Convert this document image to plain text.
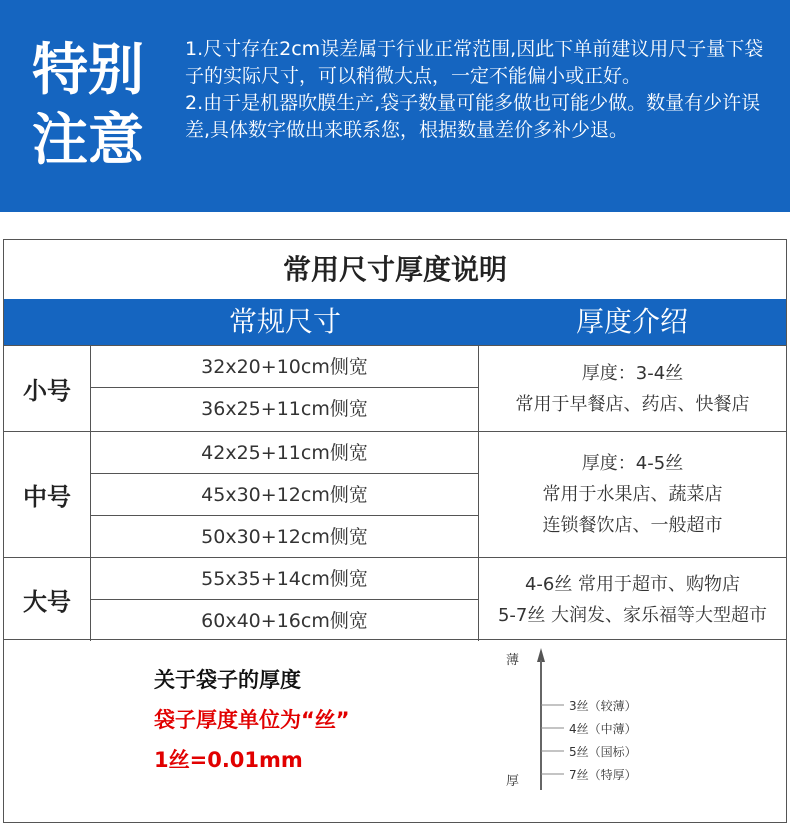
特别
注意

1.尺寸存在2cm误差属于行业正常范围,因此下单前建议用尺子量下袋子的实际尺寸，可以稍微大点，一定不能偏小或正好。

2.由于是机器吹膜生产,袋子数量可能多做也可能少做。数量有少许误差,具体数字做出来联系您，根据数量差价多补少退。

常用尺寸厚度说明
常规尺寸	厚度介绍
小号
32x20+10cm侧宽
36x25+11cm侧宽
厚度：3-4丝
常用于早餐店、药店、快餐店
中号
42x25+11cm侧宽
45x30+12cm侧宽
50x30+12cm侧宽
厚度：4-5丝
常用于水果店、蔬菜店
连锁餐饮店、一般超市
大号
55x35+14cm侧宽
60x40+16cm侧宽
4-6丝 常用于超市、购物店
5-7丝 大润发、家乐福等大型超市
关于袋子的厚度
袋子厚度单位为“丝”
1丝=0.01mm
薄
厚
3丝（较薄）
4丝（中薄）
5丝（国标）
7丝（特厚）
